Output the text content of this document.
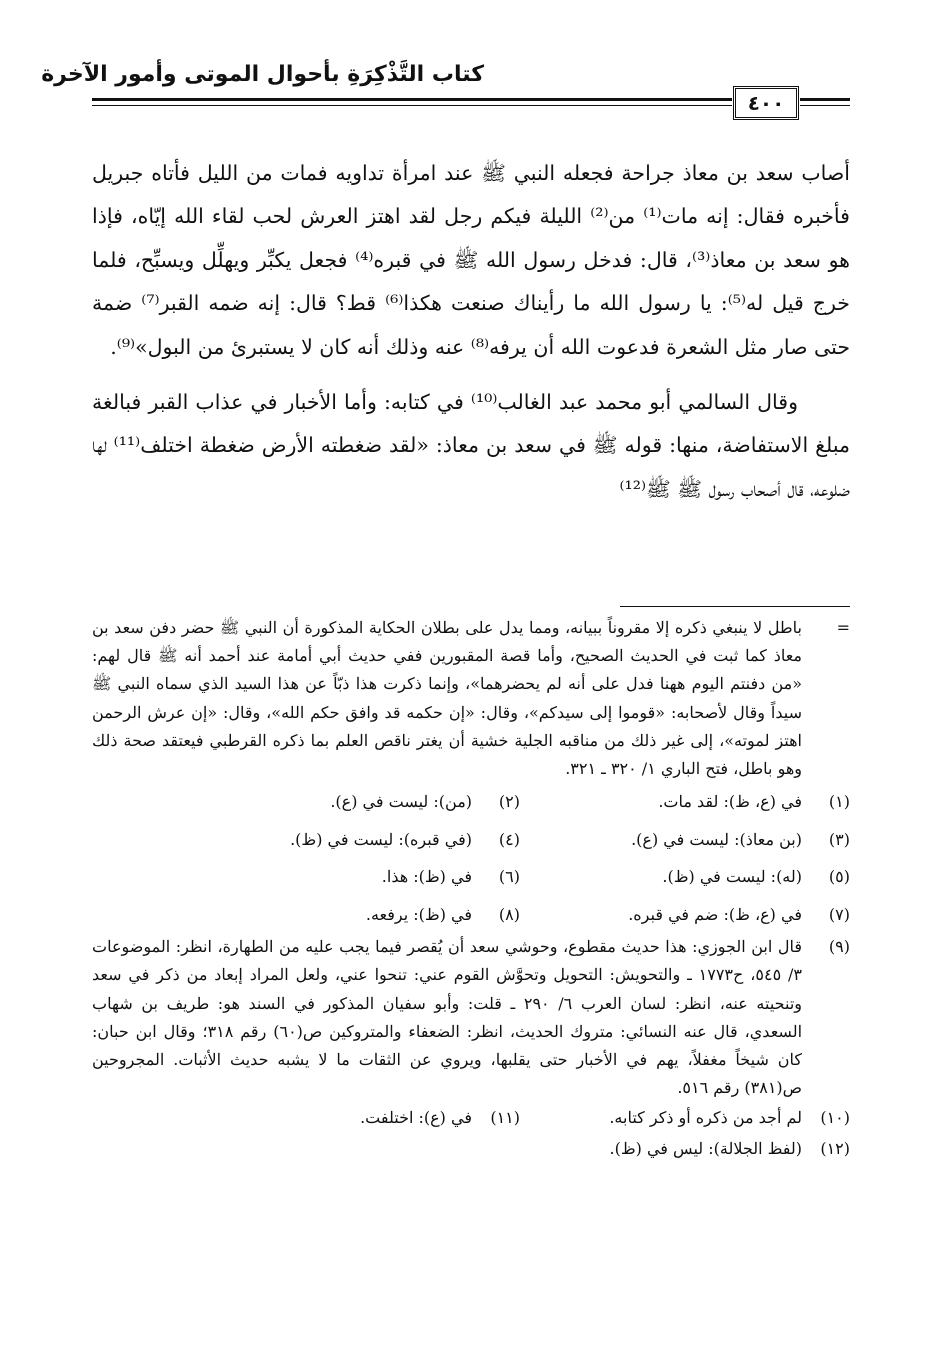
كتاب التَّذْكِرَةِ بأحوال الموتى وأمور الآخرة
٤٠٠

أصاب سعد بن معاذ جراحة فجعله النبي ﷺ عند امرأة تداويه فمات من الليل فأتاه جبريل فأخبره فقال: إنه مات⁽¹⁾ من⁽²⁾ الليلة فيكم رجل لقد اهتز العرش لحب لقاء الله إيّاه، فإذا هو سعد بن معاذ⁽³⁾، قال: فدخل رسول الله ﷺ في قبره⁽⁴⁾ فجعل يكبِّر ويهلِّل ويسبِّح، فلما خرج قيل له⁽⁵⁾: يا رسول الله ما رأيناك صنعت هكذا⁽⁶⁾ قط؟ قال: إنه ضمه القبر⁽⁷⁾ ضمة حتى صار مثل الشعرة فدعوت الله أن يرفه⁽⁸⁾ عنه وذلك أنه كان لا يستبرئ من البول»⁽⁹⁾.

وقال السالمي أبو محمد عبد الغالب⁽¹⁰⁾ في كتابه: وأما الأخبار في عذاب القبر فبالغة مبلغ الاستفاضة، منها: قوله ﷺ في سعد بن معاذ: «لقد ضغطته الأرض ضغطة اختلف⁽¹¹⁾ لها ضلوعه، قال أصحاب رسول ﷺ ﷺ⁽¹²⁾

=
باطل لا ينبغي ذكره إلا مقروناً ببيانه، ومما يدل على بطلان الحكاية المذكورة أن النبي ﷺ حضر دفن سعد بن معاذ كما ثبت في الحديث الصحيح، وأما قصة المقبورين ففي حديث أبي أمامة عند أحمد أنه ﷺ قال لهم: «من دفنتم اليوم ههنا فدل على أنه لم يحضرهما»، وإنما ذكرت هذا ذبّاً عن هذا السيد الذي سماه النبي ﷺ سيداً وقال لأصحابه: «قوموا إلى سيدكم»، وقال: «إن حكمه قد وافق حكم الله»، وقال: «إن عرش الرحمن اهتز لموته»، إلى غير ذلك من مناقبه الجلية خشية أن يغتر ناقص العلم بما ذكره القرطبي فيعتقد صحة ذلك وهو باطل، فتح الباري ١/ ٣٢٠ ـ ٣٢١.
(١)
في (ع، ظ): لقد مات.
(٢)
(من): ليست في (ع).
(٣)
(بن معاذ): ليست في (ع).
(٤)
(في قبره): ليست في (ظ).
(٥)
(له): ليست في (ظ).
(٦)
في (ظ): هذا.
(٧)
في (ع، ظ): ضم في قبره.
(٨)
في (ظ): يرفعه.
(٩)
قال ابن الجوزي: هذا حديث مقطوع، وحوشي سعد أن يُقصر فيما يجب عليه من الطهارة، انظر: الموضوعات ٣/ ٥٤٥، ح١٧٧٣ ـ والتحويش: التحويل وتحوَّش القوم عني: تنحوا عني، ولعل المراد إبعاد من ذكر في سعد وتنحيته عنه، انظر: لسان العرب ٦/ ٢٩٠ ـ قلت: وأبو سفيان المذكور في السند هو: طريف بن شهاب السعدي، قال عنه النسائي: متروك الحديث، انظر: الضعفاء والمتروكين ص(٦٠) رقم ٣١٨؛ وقال ابن حبان: كان شيخاً مغفلاً، يهم في الأخبار حتى يقلبها، ويروي عن الثقات ما لا يشبه حديث الأثبات. المجروحين ص(٣٨١) رقم ٥١٦.
(١٠)
لم أجد من ذكره أو ذكر كتابه.
(١١)
في (ع): اختلفت.
(١٢)
(لفظ الجلالة): ليس في (ظ).
